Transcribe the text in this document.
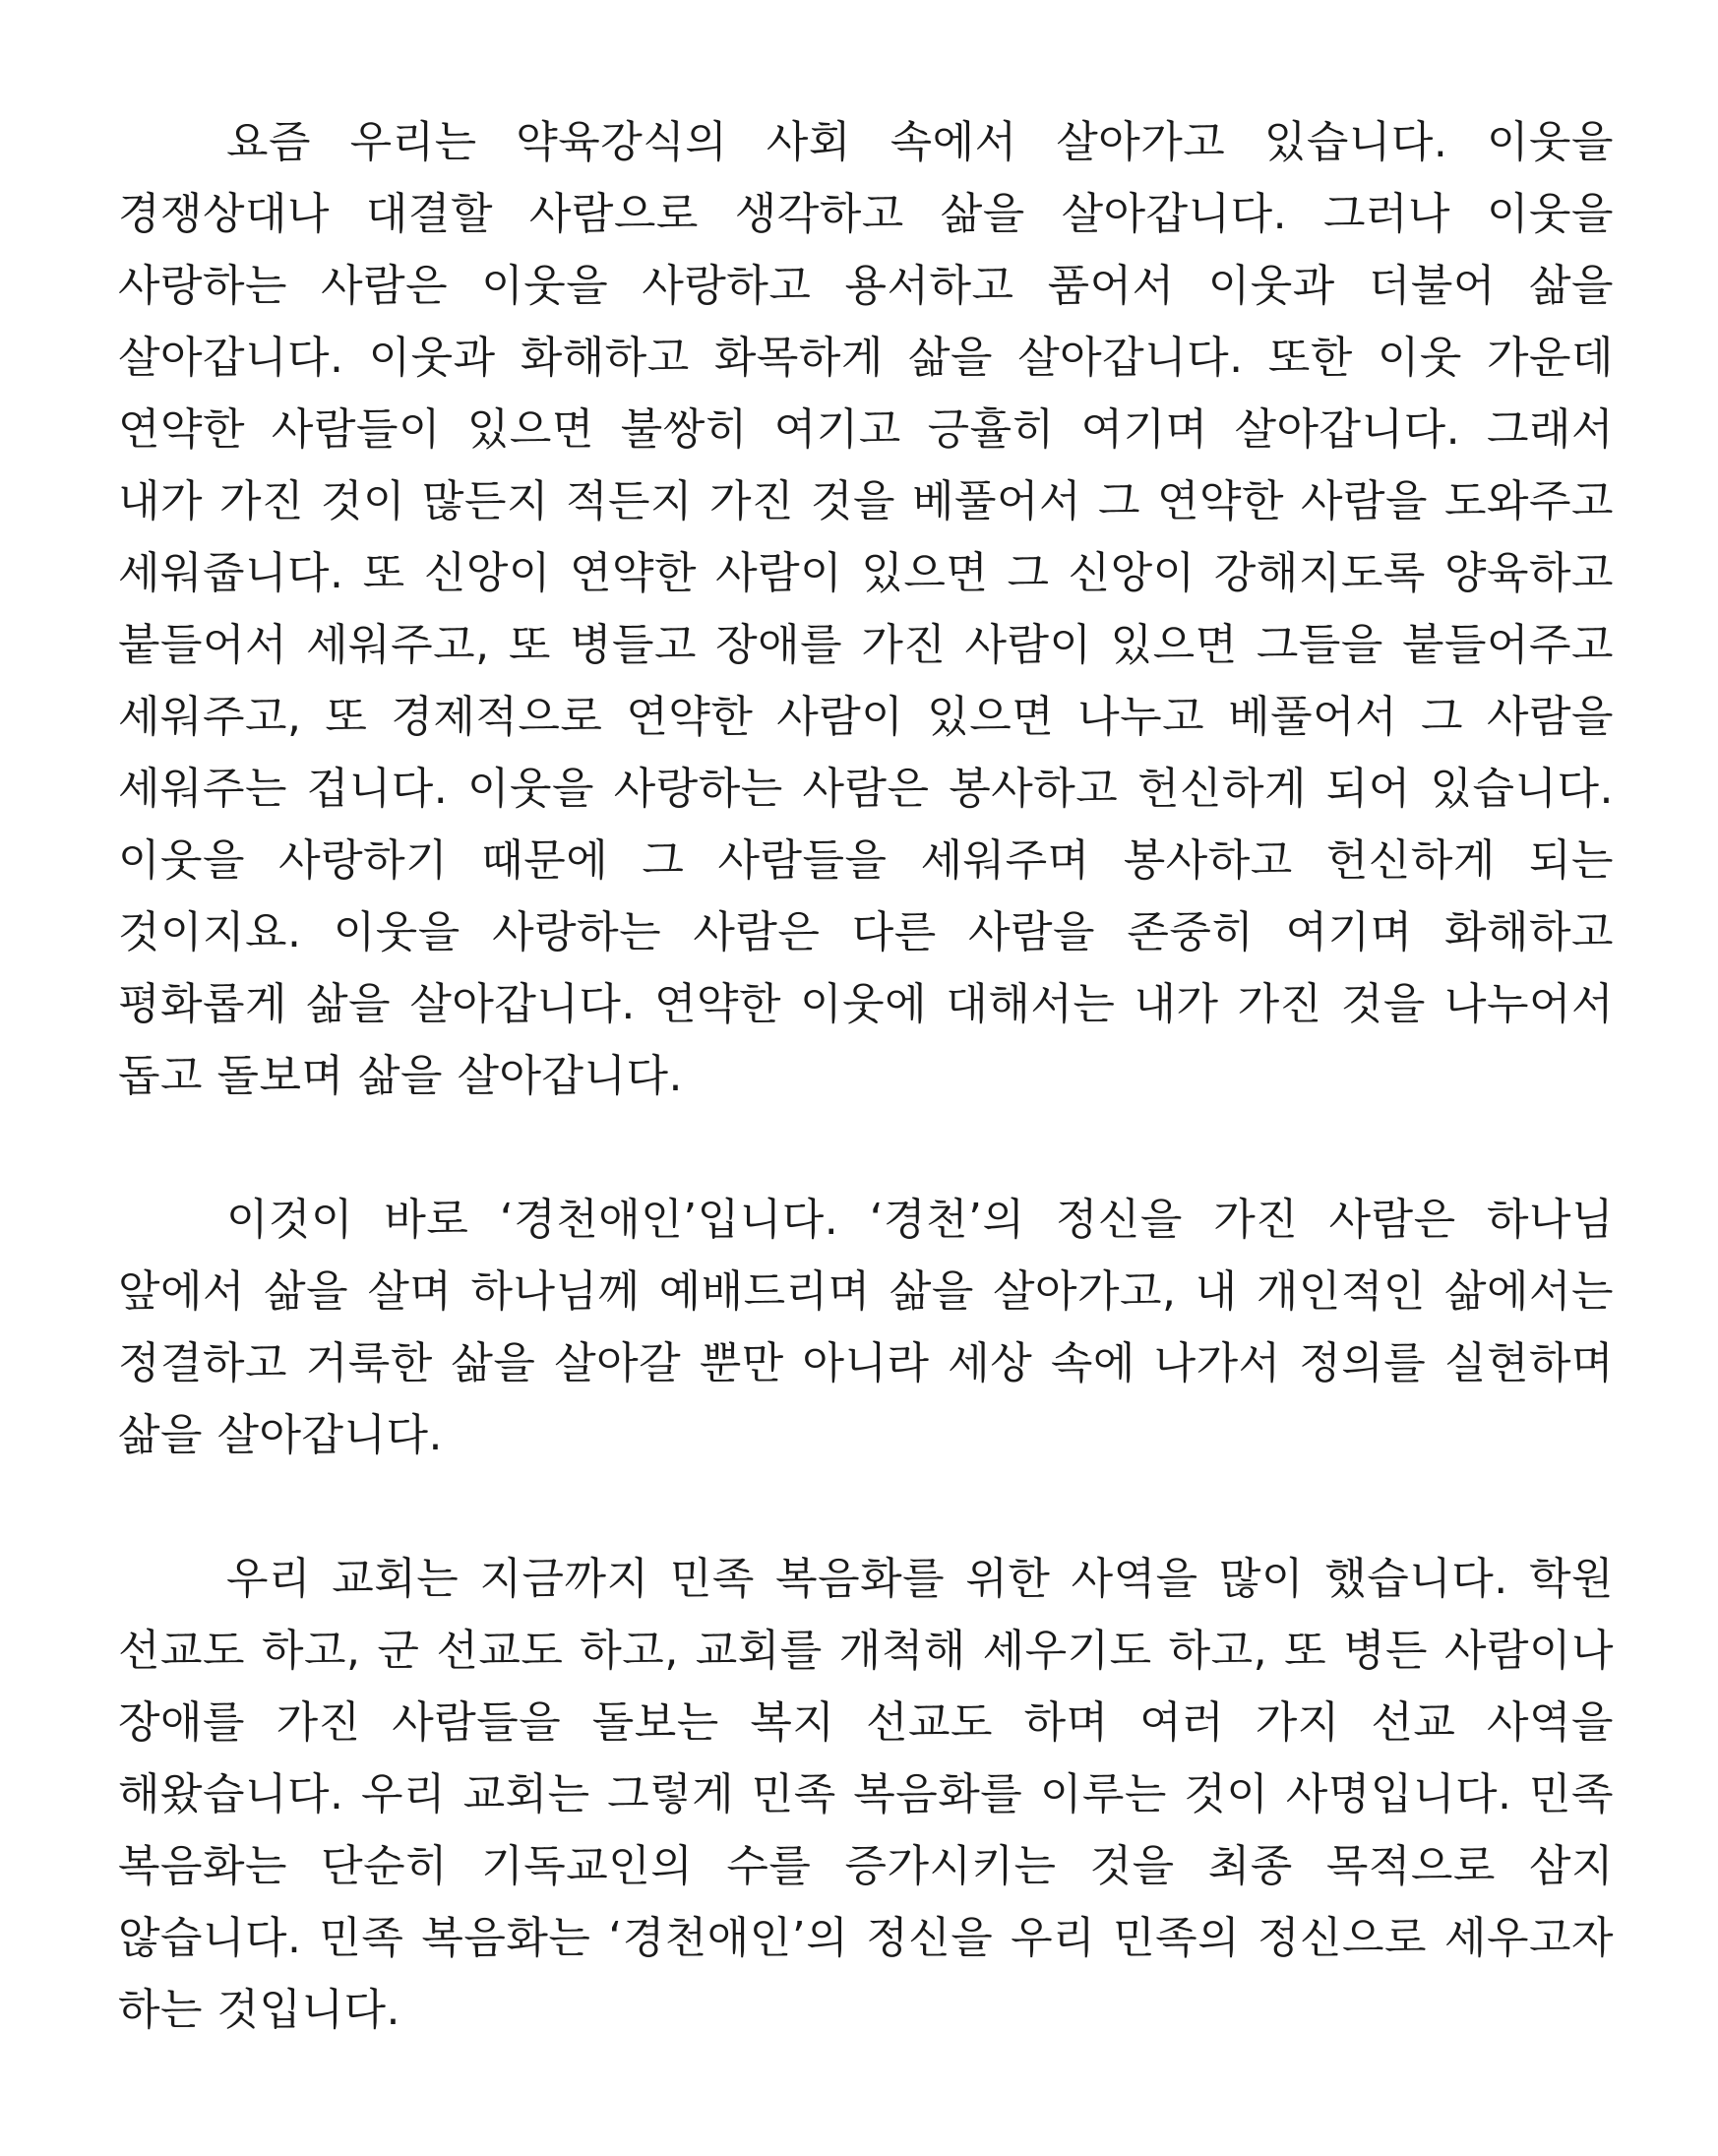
요즘 우리는 약육강식의 사회 속에서 살아가고 있습니다. 이웃을 경쟁상대나 대결할 사람으로 생각하고 삶을 살아갑니다. 그러나 이웃을 사랑하는 사람은 이웃을 사랑하고 용서하고 품어서 이웃과 더불어 삶을 살아갑니다. 이웃과 화해하고 화목하게 삶을 살아갑니다. 또한 이웃 가운데 연약한 사람들이 있으면 불쌍히 여기고 긍휼히 여기며 살아갑니다. 그래서 내가 가진 것이 많든지 적든지 가진 것을 베풀어서 그 연약한 사람을 도와주고 세워줍니다. 또 신앙이 연약한 사람이 있으면 그 신앙이 강해지도록 양육하고 붙들어서 세워주고, 또 병들고 장애를 가진 사람이 있으면 그들을 붙들어주고 세워주고, 또 경제적으로 연약한 사람이 있으면 나누고 베풀어서 그 사람을 세워주는 겁니다. 이웃을 사랑하는 사람은 봉사하고 헌신하게 되어 있습니다. 이웃을 사랑하기 때문에 그 사람들을 세워주며 봉사하고 헌신하게 되는 것이지요. 이웃을 사랑하는 사람은 다른 사람을 존중히 여기며 화해하고 평화롭게 삶을 살아갑니다. 연약한 이웃에 대해서는 내가 가진 것을 나누어서 돕고 돌보며 삶을 살아갑니다.

이것이 바로 ‘경천애인’입니다. ‘경천’의 정신을 가진 사람은 하나님 앞에서 삶을 살며 하나님께 예배드리며 삶을 살아가고, 내 개인적인 삶에서는 정결하고 거룩한 삶을 살아갈 뿐만 아니라 세상 속에 나가서 정의를 실현하며 삶을 살아갑니다.

우리 교회는 지금까지 민족 복음화를 위한 사역을 많이 했습니다. 학원 선교도 하고, 군 선교도 하고, 교회를 개척해 세우기도 하고, 또 병든 사람이나 장애를 가진 사람들을 돌보는 복지 선교도 하며 여러 가지 선교 사역을 해왔습니다. 우리 교회는 그렇게 민족 복음화를 이루는 것이 사명입니다. 민족 복음화는 단순히 기독교인의 수를 증가시키는 것을 최종 목적으로 삼지 않습니다. 민족 복음화는 ‘경천애인’의 정신을 우리 민족의 정신으로 세우고자 하는 것입니다.
